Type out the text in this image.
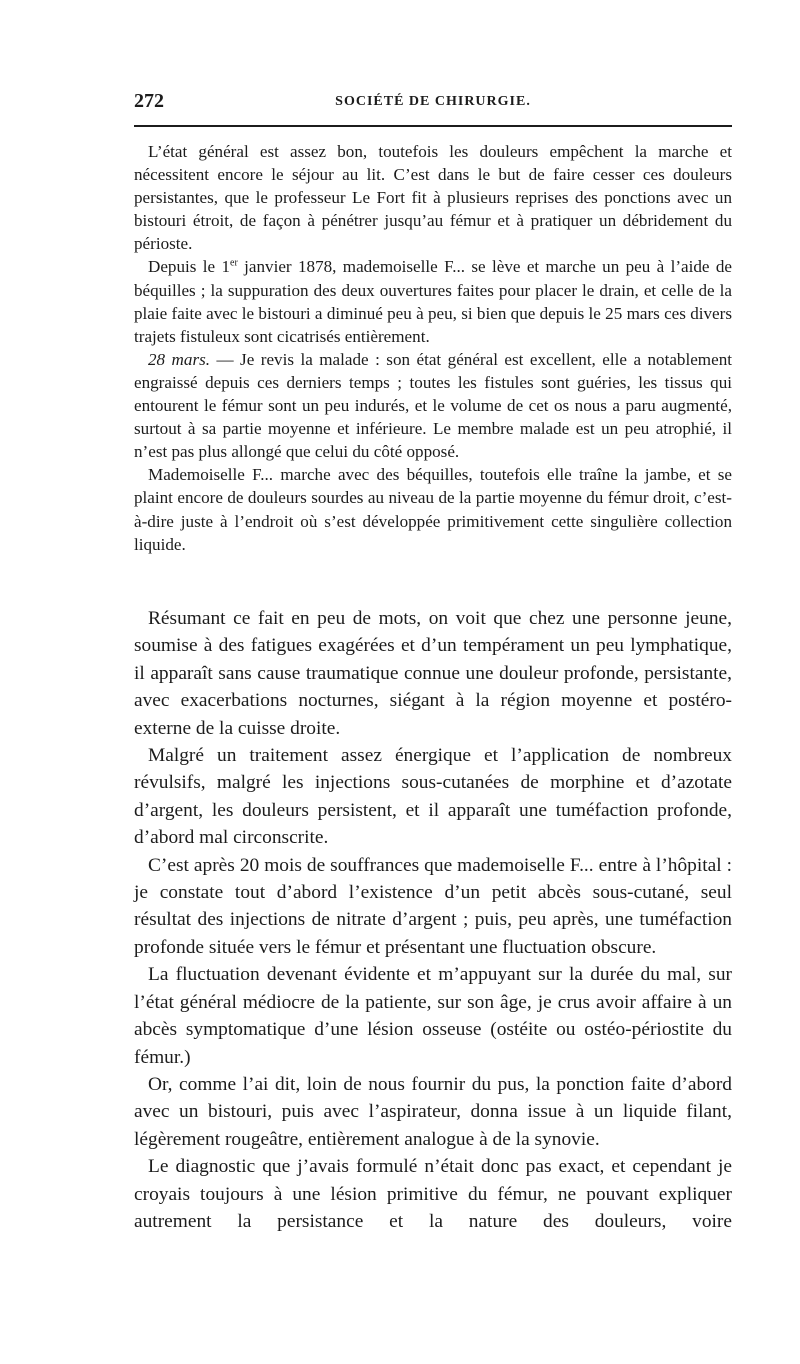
272	SOCIÉTÉ DE CHIRURGIE.

L’état général est assez bon, toutefois les douleurs empêchent la marche et nécessitent encore le séjour au lit. C’est dans le but de faire cesser ces douleurs persistantes, que le professeur Le Fort fit à plusieurs reprises des ponctions avec un bistouri étroit, de façon à pénétrer jusqu’au fémur et à pratiquer un débridement du périoste.

Depuis le 1er janvier 1878, mademoiselle F... se lève et marche un peu à l’aide de béquilles ; la suppuration des deux ouvertures faites pour placer le drain, et celle de la plaie faite avec le bistouri a diminué peu à peu, si bien que depuis le 25 mars ces divers trajets fistuleux sont cicatrisés entièrement.

28 mars. — Je revis la malade : son état général est excellent, elle a notablement engraissé depuis ces derniers temps ; toutes les fistules sont guéries, les tissus qui entourent le fémur sont un peu indurés, et le volume de cet os nous a paru augmenté, surtout à sa partie moyenne et inférieure. Le membre malade est un peu atrophié, il n’est pas plus allongé que celui du côté opposé.

Mademoiselle F... marche avec des béquilles, toutefois elle traîne la jambe, et se plaint encore de douleurs sourdes au niveau de la partie moyenne du fémur droit, c’est-à-dire juste à l’endroit où s’est développée primitivement cette singulière collection liquide.

Résumant ce fait en peu de mots, on voit que chez une personne jeune, soumise à des fatigues exagérées et d’un tempérament un peu lymphatique, il apparaît sans cause traumatique connue une douleur profonde, persistante, avec exacerbations nocturnes, siégant à la région moyenne et postéro-externe de la cuisse droite.

Malgré un traitement assez énergique et l’application de nombreux révulsifs, malgré les injections sous-cutanées de morphine et d’azotate d’argent, les douleurs persistent, et il apparaît une tuméfaction profonde, d’abord mal circonscrite.

C’est après 20 mois de souffrances que mademoiselle F... entre à l’hôpital : je constate tout d’abord l’existence d’un petit abcès sous-cutané, seul résultat des injections de nitrate d’argent ; puis, peu après, une tuméfaction profonde située vers le fémur et présentant une fluctuation obscure.

La fluctuation devenant évidente et m’appuyant sur la durée du mal, sur l’état général médiocre de la patiente, sur son âge, je crus avoir affaire à un abcès symptomatique d’une lésion osseuse (ostéite ou ostéo-périostite du fémur.)

Or, comme l’ai dit, loin de nous fournir du pus, la ponction faite d’abord avec un bistouri, puis avec l’aspirateur, donna issue à un liquide filant, légèrement rougeâtre, entièrement analogue à de la synovie.

Le diagnostic que j’avais formulé n’était donc pas exact, et cependant je croyais toujours à une lésion primitive du fémur, ne pouvant expliquer autrement la persistance et la nature des douleurs, voire
